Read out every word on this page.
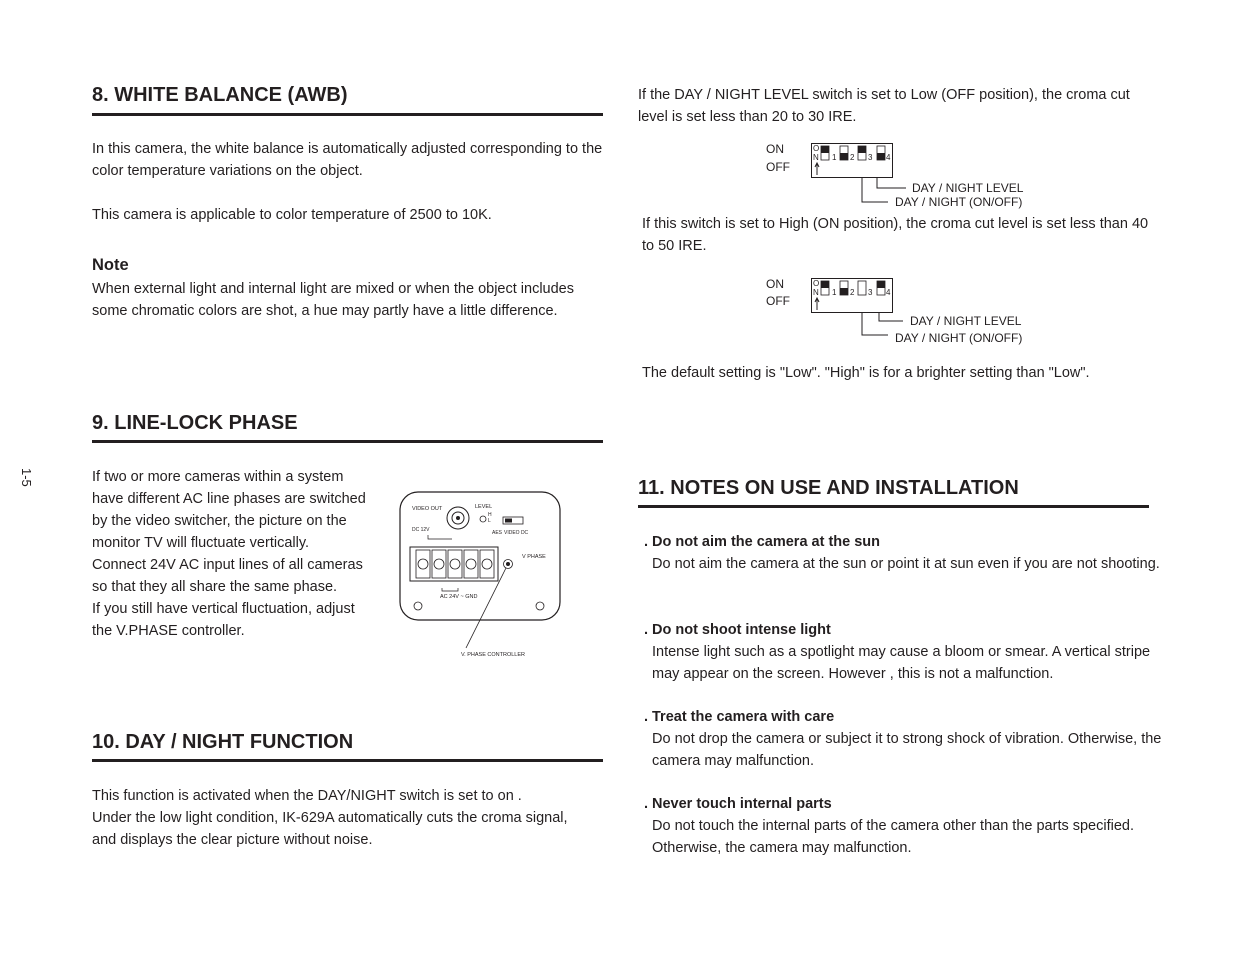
1-5
8. WHITE BALANCE (AWB)

In this camera, the white balance is automatically adjusted corresponding to the color temperature variations on the object.

This camera is applicable to color temperature of 2500 to 10K.

Note

When external light and internal light are mixed or when the object includes some chromatic colors are shot, a hue may partly have a little difference.

9. LINE-LOCK PHASE
If two or more cameras within a system
have different AC line phases are switched
by the video switcher, the picture on the
monitor TV will fluctuate vertically.
Connect 24V AC input lines of all cameras
so that they all share the same phase.
If you still have vertical fluctuation, adjust
the V.PHASE controller.
VIDEO OUT	LEVEL
H
L
AES VIDEO DC
DC 12V
AC 24V ~ GND
V PHASE
V. PHASE CONTROLLER
10. DAY / NIGHT FUNCTION
This function is activated when the DAY/NIGHT switch is set to on .
Under the low light condition, IK-629A automatically cuts the croma signal,
and displays the clear picture without noise.

If the DAY / NIGHT LEVEL switch is set to Low (OFF position), the croma cut level is set less than 20 to 30 IRE.

ON
OFF
O
N 1 2 3 4
DAY / NIGHT LEVEL
DAY / NIGHT (ON/OFF)

If this switch is set to High (ON position), the croma cut level is set less than 40 to 50 IRE.

ON
OFF
O
N 1 2 3 4
DAY / NIGHT LEVEL
DAY / NIGHT (ON/OFF)

The default setting is "Low". "High" is for a brighter setting than "Low".

11. NOTES ON USE AND INSTALLATION
. Do not aim the camera at the sun
Do not aim the camera at the sun or point it at sun even if you are not shooting.
. Do not shoot intense light
Intense light such as a spotlight may cause a bloom or smear. A vertical stripe may appear on the screen. However , this is not a malfunction.
. Treat the camera with care
Do not drop the camera or subject it to strong shock of vibration. Otherwise, the camera may malfunction.
. Never touch internal parts
Do not touch the internal parts of the camera other than the parts specified. Otherwise, the camera may malfunction.
